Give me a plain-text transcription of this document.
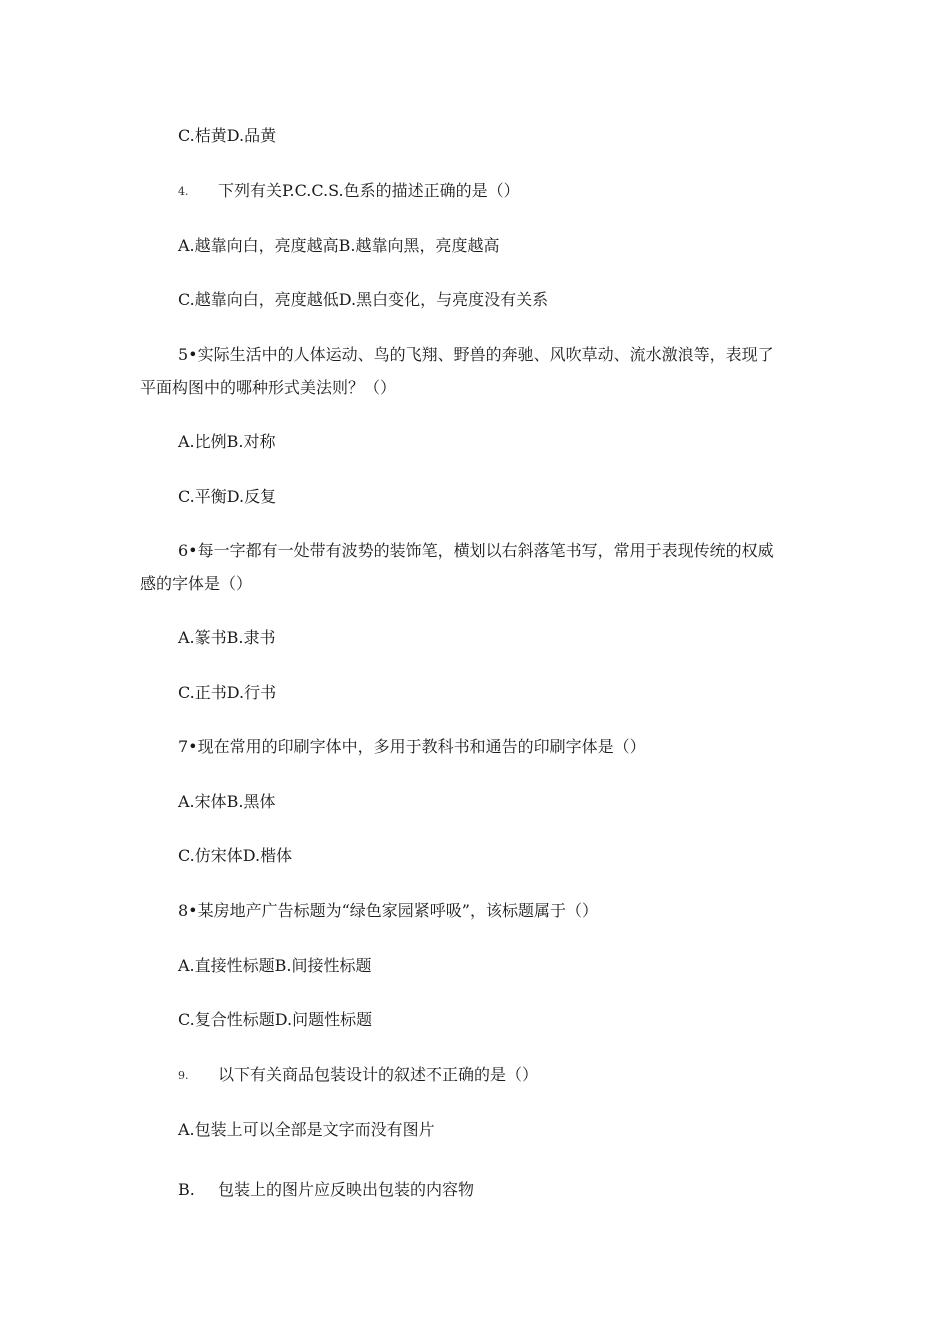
C.桔黄D.品黄
4. 下列有关P.C.C.S.色系的描述正确的是（）
A.越靠向白，亮度越高B.越靠向黑，亮度越高
C.越靠向白，亮度越低D.黑白变化，与亮度没有关系
5•实际生活中的人体运动、鸟的飞翔、野兽的奔驰、风吹草动、流水激浪等，表现了
平面构图中的哪种形式美法则？（）
A.比例B.对称
C.平衡D.反复
6•每一字都有一处带有波势的装饰笔，横划以右斜落笔书写，常用于表现传统的权威
感的字体是（）
A.篆书B.隶书
C.正书D.行书
7•现在常用的印刷字体中，多用于教科书和通告的印刷字体是（）
A.宋体B.黑体
C.仿宋体D.楷体
8•某房地产广告标题为“绿色家园紧呼吸”，该标题属于（）
A.直接性标题B.间接性标题
C.复合性标题D.问题性标题
9. 以下有关商品包装设计的叙述不正确的是（）
A.包装上可以全部是文字而没有图片
B. 包装上的图片应反映出包装的内容物
